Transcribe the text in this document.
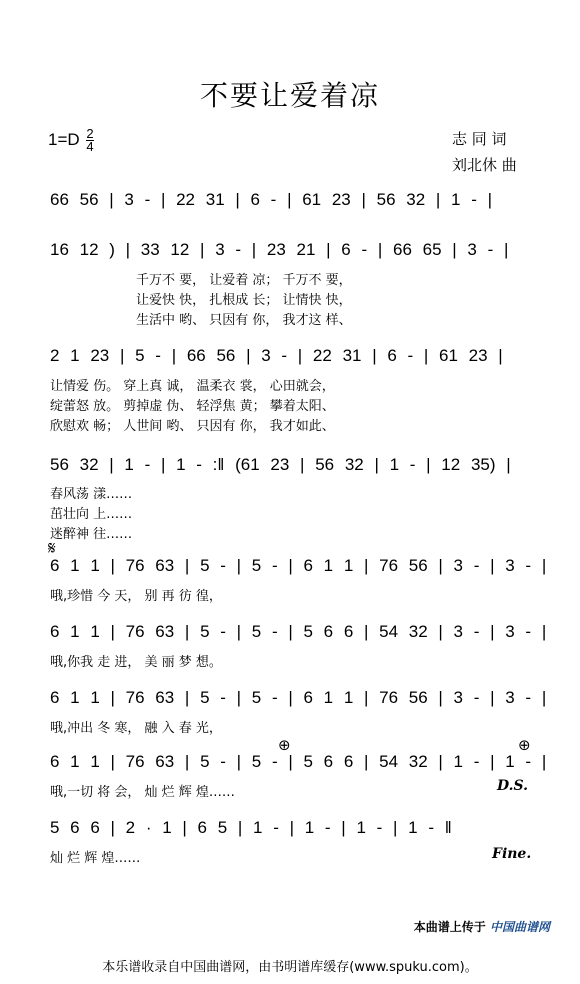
不要让爱着凉
$1=D \frac{2}{4}$	志 同 词
刘北休 曲
66 56 | 3 - | 22 31 | 6 - | 61 23 | 56 32 | 1 - |
16 12 ) | 33 12 | 3 - | 23 21 | 6 - | 66 65 | 3 - |
千万不 要， 让爱着 凉； 千万不 要，
让爱快 快， 扎根成 长； 让情快 快，
生活中 哟、 只因有 你， 我才这 样、
2 1 23 | 5 - | 66 56 | 3 - | 22 31 | 6 - | 61 23 |
让情爱 伤。 穿上真 诚， 温柔衣 裳， 心田就会，
绽蕾怒 放。 剪掉虚 伪、 轻浮焦 黄； 攀着太阳、
欣慰欢 畅； 人世间 哟、 只因有 你， 我才如此、
56 32 | 1 - | 1 - :‖ (61 23 | 56 32 | 1 - | 12 35) |
春风荡 漾……
茁壮向 上……
迷醉神 往……
6 1 1 | 76 63 | 5 - | 5 - | 6 1 1 | 76 56 | 3 - | 3 - |
哦,珍惜 今 天， 别 再 彷 徨，
6 1 1 | 76 63 | 5 - | 5 - | 5 6 6 | 54 32 | 3 - | 3 - |
哦,你我 走 进， 美 丽 梦 想。
6 1 1 | 76 63 | 5 - | 5 - | 6 1 1 | 76 56 | 3 - | 3 - |
哦,冲出 冬 寒， 融 入 春 光，
6 1 1 | 76 63 | 5 - | 5 - | 5 6 6 | 54 32 | 1 - | 1 - |
哦,一切 将 会， 灿 烂 辉 煌……
5 6 6 | 2 · 1 | 6 5 | 1 - | 1 - | 1 - | 1 - ‖
灿 烂 辉 煌……
D.S.
Fine.
𝄋
⊕	⊕
本曲谱上传于 中国曲谱网
本乐谱收录自中国曲谱网，由书明谱库缓存(www.spuku.com)。
